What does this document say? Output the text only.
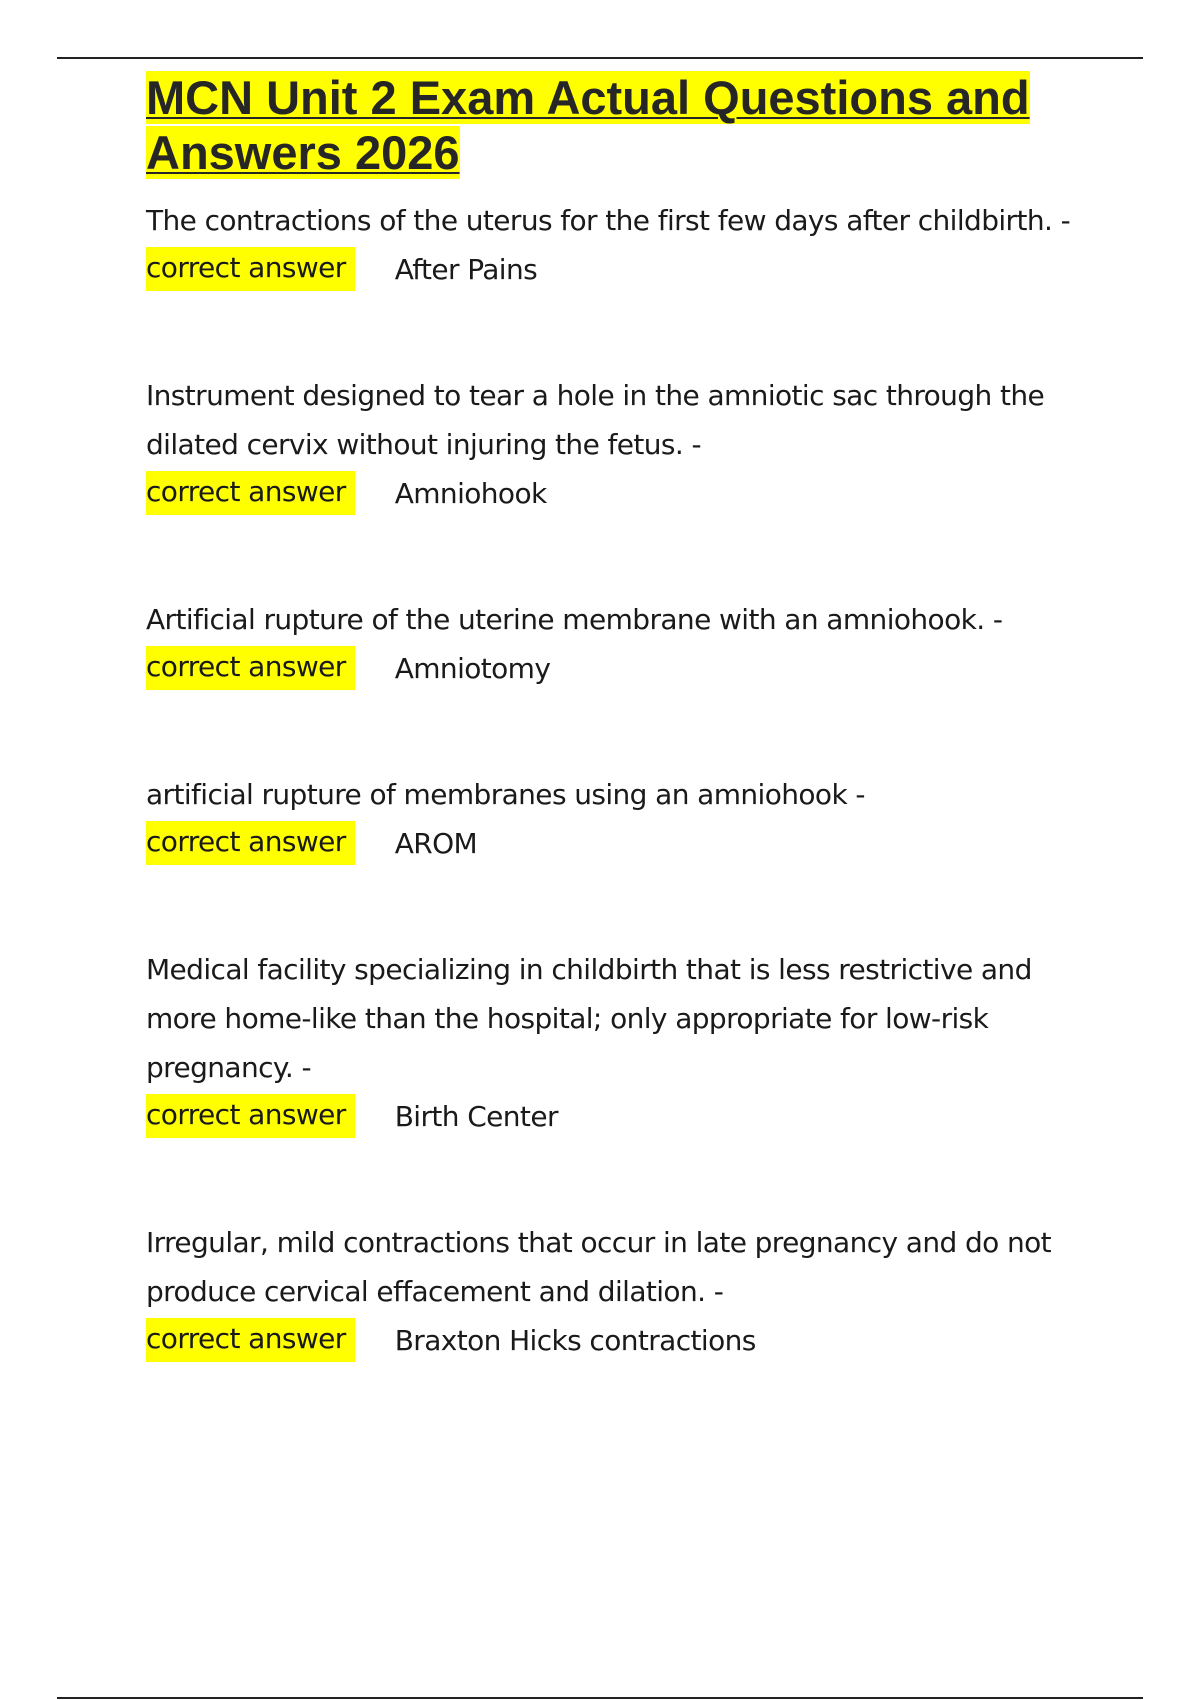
MCN Unit 2 Exam Actual Questions and Answers 2026

The contractions of the uterus for the first few days after childbirth. -

correct answer	After Pains

Instrument designed to tear a hole in the amniotic sac through the dilated cervix without injuring the fetus. -

correct answer	Amniohook

Artificial rupture of the uterine membrane with an amniohook. -

correct answer	Amniotomy

artificial rupture of membranes using an amniohook -

correct answer	AROM

Medical facility specializing in childbirth that is less restrictive and more home-like than the hospital; only appropriate for low-risk pregnancy. -

correct answer	Birth Center

Irregular, mild contractions that occur in late pregnancy and do not produce cervical effacement and dilation. -

correct answer	Braxton Hicks contractions
